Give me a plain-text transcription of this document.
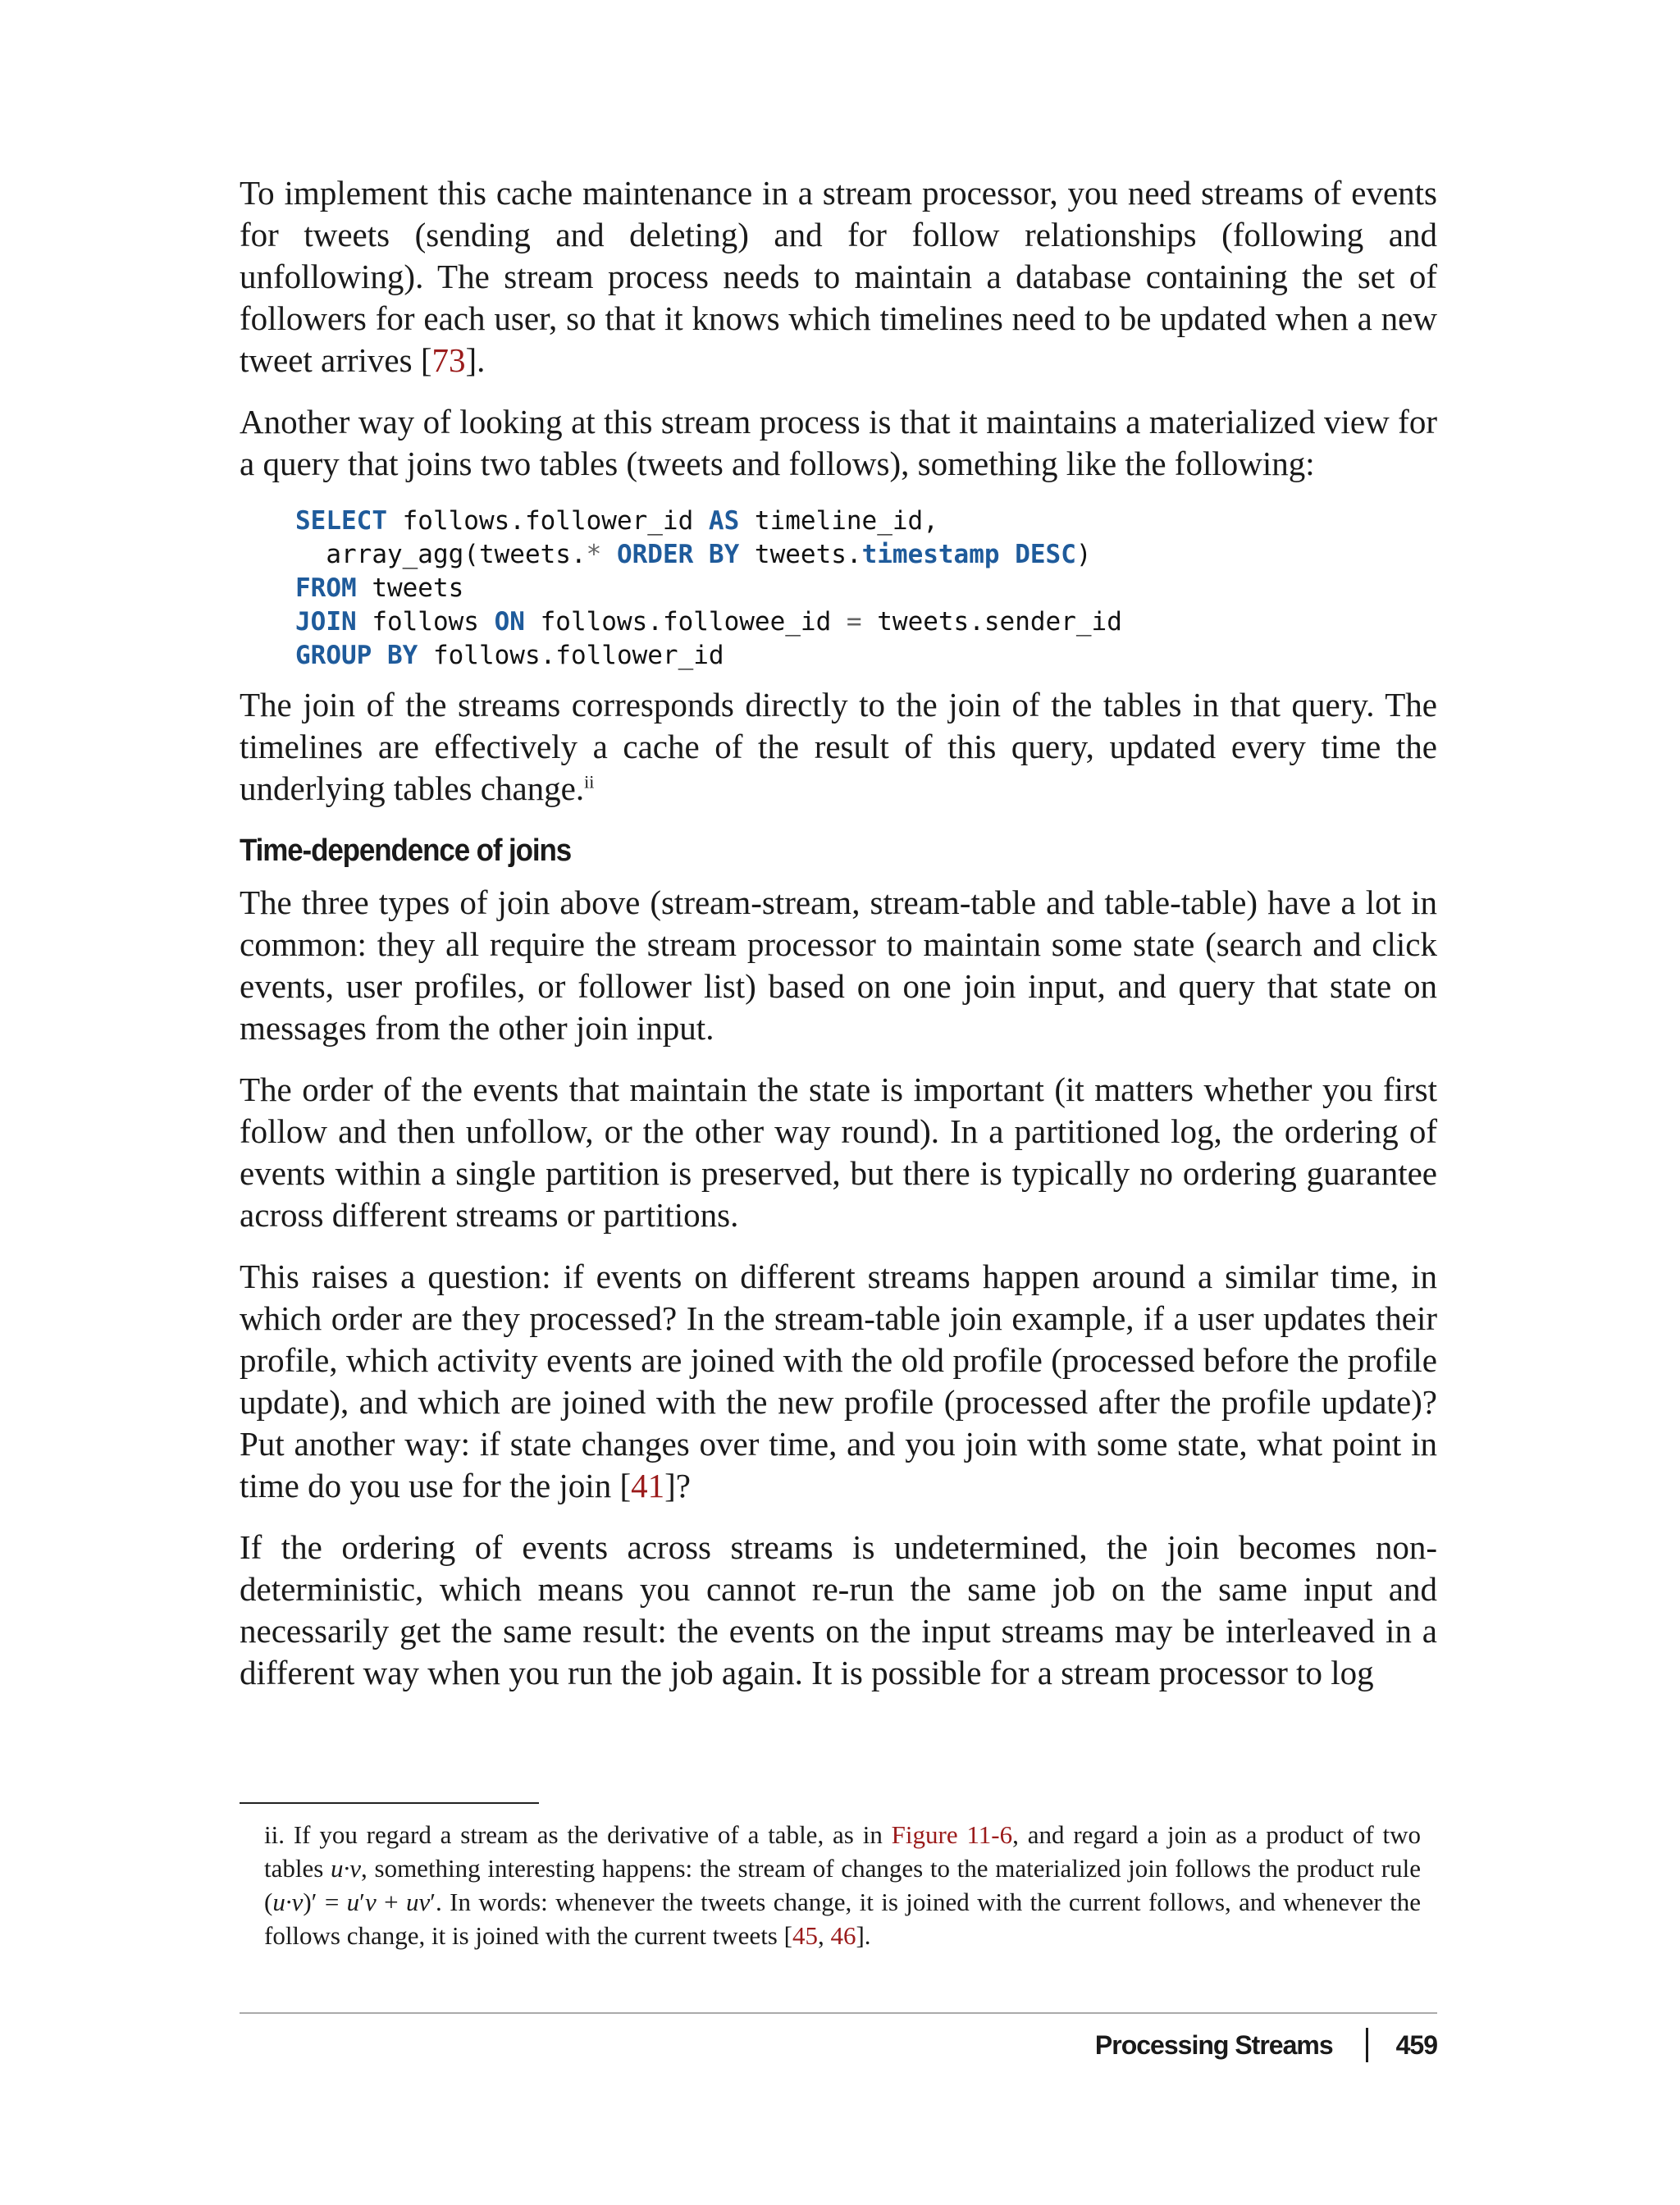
To implement this cache maintenance in a stream processor, you need streams of events for tweets (sending and deleting) and for follow relationships (following and unfollowing). The stream process needs to maintain a database containing the set of followers for each user, so that it knows which timelines need to be updated when a new tweet arrives [73].

Another way of looking at this stream process is that it maintains a materialized view for a query that joins two tables (tweets and follows), something like the following:

SELECT follows.follower_id AS timeline_id,
array_agg(tweets.* ORDER BY tweets.timestamp DESC)
FROM tweets
JOIN follows ON follows.followee_id = tweets.sender_id
GROUP BY follows.follower_id

The join of the streams corresponds directly to the join of the tables in that query. The timelines are effectively a cache of the result of this query, updated every time the underlying tables change.$^{ii}$

Time-dependence of joins

The three types of join above (stream-stream, stream-table and table-table) have a lot in common: they all require the stream processor to maintain some state (search and click events, user profiles, or follower list) based on one join input, and query that state on messages from the other join input.

The order of the events that maintain the state is important (it matters whether you first follow and then unfollow, or the other way round). In a partitioned log, the ordering of events within a single partition is preserved, but there is typically no ordering guarantee across different streams or partitions.

This raises a question: if events on different streams happen around a similar time, in which order are they processed? In the stream-table join example, if a user updates their profile, which activity events are joined with the old profile (processed before the profile update), and which are joined with the new profile (processed after the profile update)? Put another way: if state changes over time, and you join with some state, what point in time do you use for the join [41]?

If the ordering of events across streams is undetermined, the join becomes non-deterministic, which means you cannot re-run the same job on the same input and necessarily get the same result: the events on the input streams may be interleaved in a different way when you run the job again. It is possible for a stream processor to log

ii. If you regard a stream as the derivative of a table, as in Figure 11-6, and regard a join as a product of two tables u·v, something interesting happens: the stream of changes to the materialized join follows the product rule (u·v)′ = u′v + uv′. In words: whenever the tweets change, it is joined with the current follows, and whenever the follows change, it is joined with the current tweets [45, 46].

Processing Streams 459
